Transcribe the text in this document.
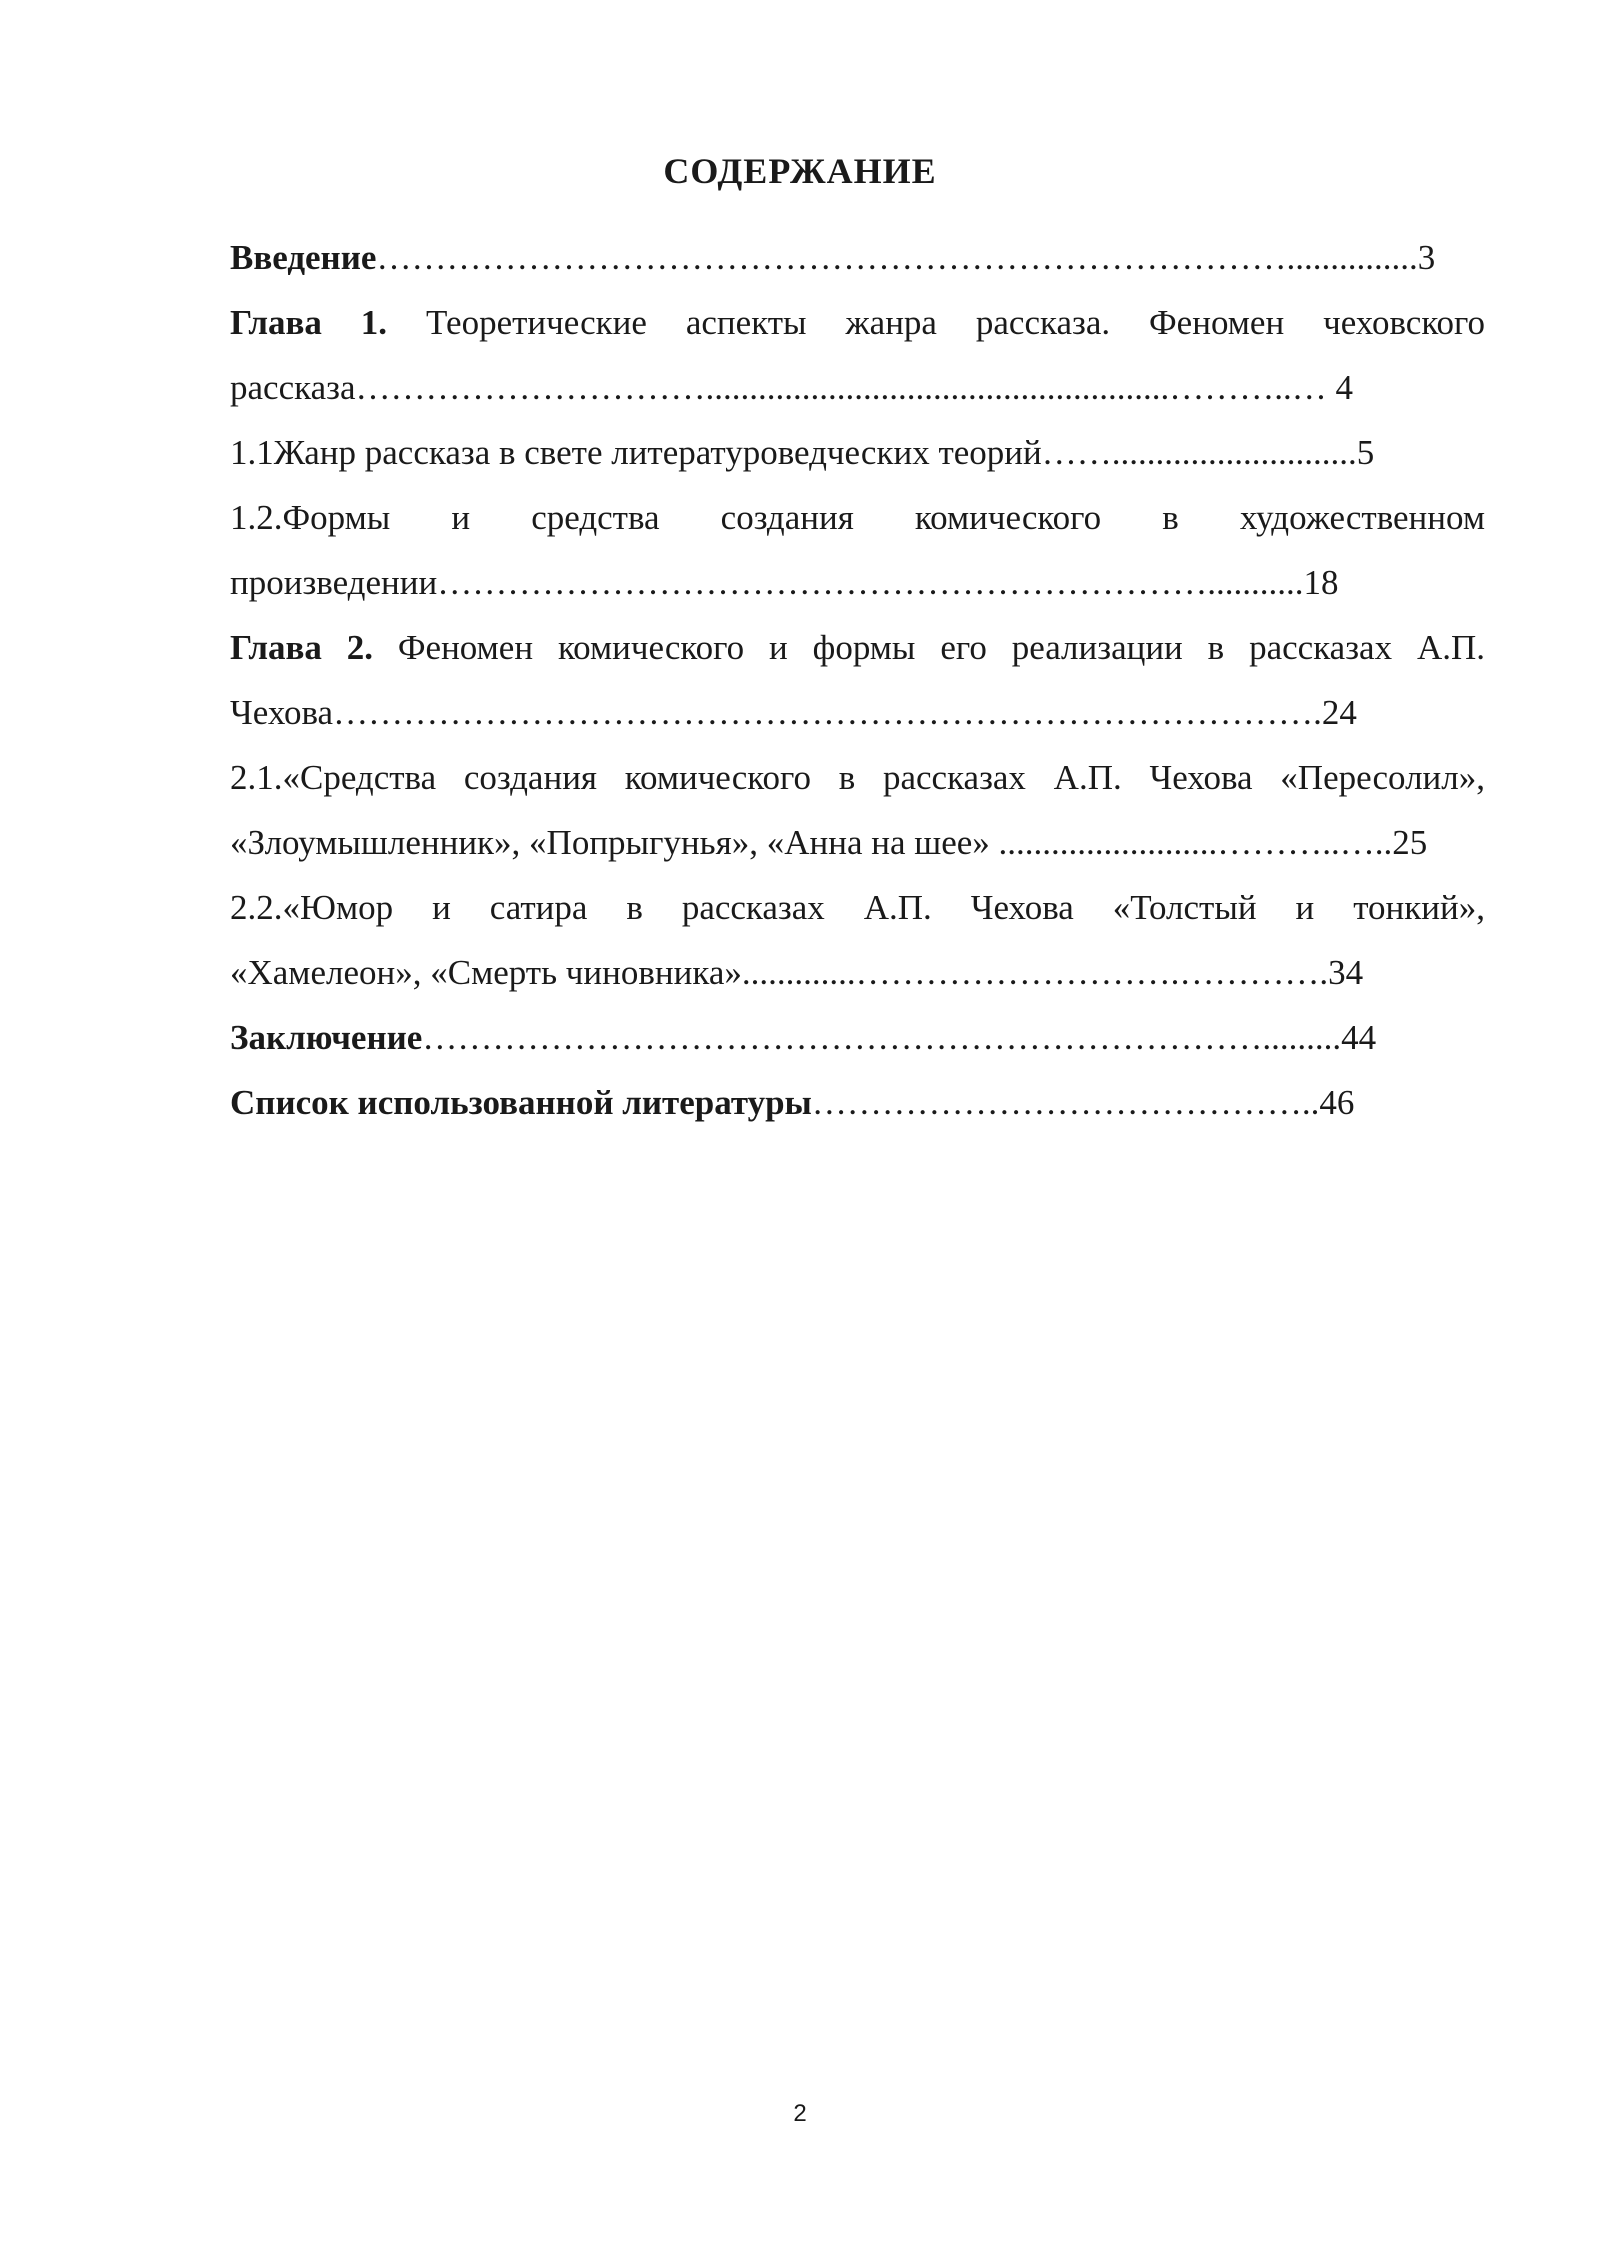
СОДЕРЖАНИЕ
Введение……………………………………………………………………...............3
Глава 1. Теоретические аспекты жанра рассказа. Феномен чеховского
рассказа………………………….....................................................………..… 4
1.1Жанр рассказа в свете литературоведческих теорий……............................5
1.2.Формы и средства создания комического в художественном
произведении…………………………………………………………...........18
Глава 2. Феномен комического и формы его реализации в рассказах А.П.
Чехова………………………………………………………………………….24
2.1.«Средства создания комического в рассказах А.П. Чехова «Пересолил»,
«Злоумышленник», «Попрыгунья», «Анна на шее» .........................………..…..25
2.2.«Юмор и сатира в рассказах А.П. Чехова «Толстый и тонкий»,
«Хамелеон», «Смерть чиновника».............……………………….………….34
Заключение……………………………………………………………….........44
Список использованной литературы……………………………………..46
2
